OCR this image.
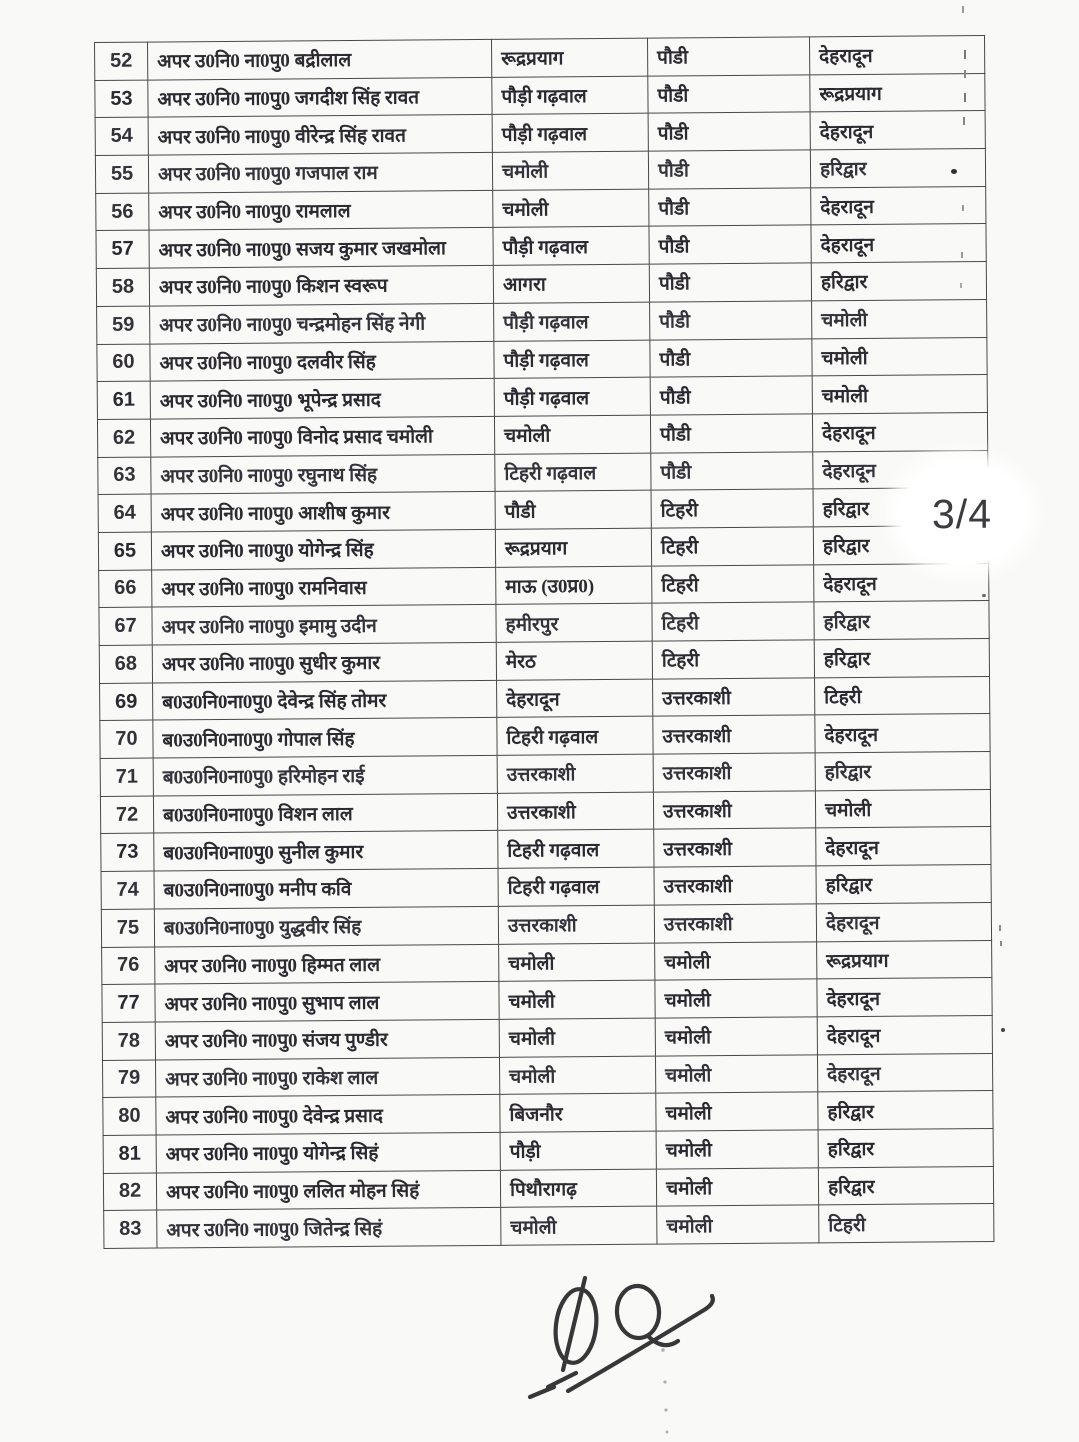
52	अपर उ0नि0 ना0पु0 बद्रीलाल	रूद्रप्रयाग	पौडी	देहरादून
53	अपर उ0नि0 ना0पु0 जगदीश सिंह रावत	पौड़ी गढ़वाल	पौडी	रूद्रप्रयाग
54	अपर उ0नि0 ना0पु0 वीरेन्द्र सिंह रावत	पौड़ी गढ़वाल	पौडी	देहरादून
55	अपर उ0नि0 ना0पु0 गजपाल राम	चमोली	पौडी	हरिद्वार
56	अपर उ0नि0 ना0पु0 रामलाल	चमोली	पौडी	देहरादून
57	अपर उ0नि0 ना0पु0 सजय कुमार जखमोला	पौड़ी गढ़वाल	पौडी	देहरादून
58	अपर उ0नि0 ना0पु0 किशन स्वरूप	आगरा	पौडी	हरिद्वार
59	अपर उ0नि0 ना0पु0 चन्द्रमोहन सिंह नेगी	पौड़ी गढ़वाल	पौडी	चमोली
60	अपर उ0नि0 ना0पु0 दलवीर सिंह	पौड़ी गढ़वाल	पौडी	चमोली
61	अपर उ0नि0 ना0पु0 भूपेन्द्र प्रसाद	पौड़ी गढ़वाल	पौडी	चमोली
62	अपर उ0नि0 ना0पु0 विनोद प्रसाद चमोली	चमोली	पौडी	देहरादून
63	अपर उ0नि0 ना0पु0 रघुनाथ सिंह	टिहरी गढ़वाल	पौडी	देहरादून
64	अपर उ0नि0 ना0पु0 आशीष कुमार	पौडी	टिहरी	हरिद्वार
65	अपर उ0नि0 ना0पु0 योगेन्द्र सिंह	रूद्रप्रयाग	टिहरी	हरिद्वार
66	अपर उ0नि0 ना0पु0 रामनिवास	माऊ (उ0प्र0)	टिहरी	देहरादून
67	अपर उ0नि0 ना0पु0 इमामु उदीन	हमीरपुर	टिहरी	हरिद्वार
68	अपर उ0नि0 ना0पु0 सुधीर कुमार	मेरठ	टिहरी	हरिद्वार
69	ब0उ0नि0ना0पु0 देवेन्द्र सिंह तोमर	देहरादून	उत्तरकाशी	टिहरी
70	ब0उ0नि0ना0पु0 गोपाल सिंह	टिहरी गढ़वाल	उत्तरकाशी	देहरादून
71	ब0उ0नि0ना0पु0 हरिमोहन राई	उत्तरकाशी	उत्तरकाशी	हरिद्वार
72	ब0उ0नि0ना0पु0 विशन लाल	उत्तरकाशी	उत्तरकाशी	चमोली
73	ब0उ0नि0ना0पु0 सुनील कुमार	टिहरी गढ़वाल	उत्तरकाशी	देहरादून
74	ब0उ0नि0ना0पु0 मनीप कवि	टिहरी गढ़वाल	उत्तरकाशी	हरिद्वार
75	ब0उ0नि0ना0पु0 युद्धवीर सिंह	उत्तरकाशी	उत्तरकाशी	देहरादून
76	अपर उ0नि0 ना0पु0 हिम्मत लाल	चमोली	चमोली	रूद्रप्रयाग
77	अपर उ0नि0 ना0पु0 सुभाप लाल	चमोली	चमोली	देहरादून
78	अपर उ0नि0 ना0पु0 संजय पुण्डीर	चमोली	चमोली	देहरादून
79	अपर उ0नि0 ना0पु0 राकेश लाल	चमोली	चमोली	देहरादून
80	अपर उ0नि0 ना0पु0 देवेन्द्र प्रसाद	बिजनौर	चमोली	हरिद्वार
81	अपर उ0नि0 ना0पु0 योगेन्द्र सिहं	पौड़ी	चमोली	हरिद्वार
82	अपर उ0नि0 ना0पु0 ललित मोहन सिहं	पिथौरागढ़	चमोली	हरिद्वार
83	अपर उ0नि0 ना0पु0 जितेन्द्र सिहं	चमोली	चमोली	टिहरी
3/4
